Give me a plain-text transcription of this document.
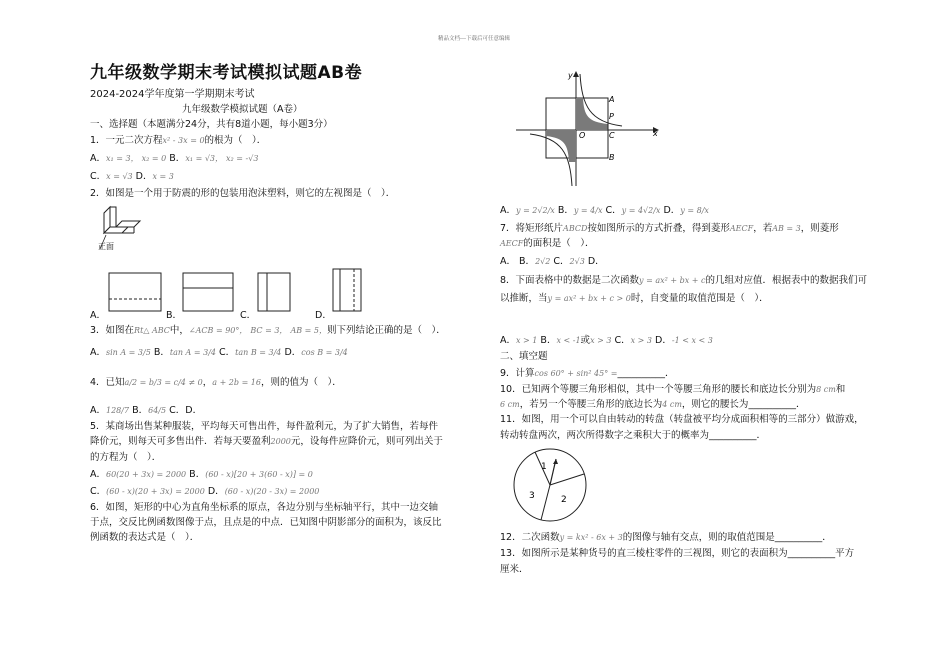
精品文档---下载后可任意编辑
九年级数学期末考试模拟试题AB卷
2024-2024学年度第一学期期末考试
九年级数学模拟试题（A卷）
一、选择题（本题满分24分，共有8道小题，每小题3分）
1．一元二次方程x² - 3x = 0的根为（　）．
A．x₁ = 3， x₂ = 0 B．x₁ = √3， x₂ = -√3
C．x = √3 D．x = 3
2．如图是一个用于防震的形的包装用泡沫塑料，则它的左视图是（　）．
正面
A．	B．	C．	D．
3．如图在Rt△ ABC中，∠ACB = 90°， BC = 3， AB = 5，则下列结论正确的是（　）．
A．sin A = 3/5 B．tan A = 3/4 C．tan B = 3/4 D．cos B = 3/4
4．已知a/2 = b/3 = c/4 ≠ 0，a + 2b = 16，则的值为（　）．
A．128/7 B．64/5 C．D．
5．某商场出售某种服装，平均每天可售出件，每件盈利元，为了扩大销售，若每件
降价元，则每天可多售出件．若每天要盈利2000元，设每件应降价元，则可列出关于
的方程为（　）．
A．60(20 + 3x) = 2000 B．(60 - x)[20 + 3(60 - x)] = 0
C．(60 - x)(20 + 3x) = 2000 D．(60 - x)(20 - 3x) = 2000
6．如图，矩形的中心为直角坐标系的原点，各边分别与坐标轴平行，其中一边交轴
于点，交反比例函数图像于点，且点是的中点．已知图中阴影部分的面积为，该反比
例函数的表达式是（　）．
y
x
A
P
C
B
O
A．y = 2√2/x B．y = 4/x C．y = 4√2/x D．y = 8/x
7．将矩形纸片ABCD按如图所示的方式折叠，得到菱形AECF，若AB = 3，则菱形
AECF的面积是（　）．
A． B．2√2 C．2√3 D．
8．下面表格中的数据是二次函数y = ax² + bx + c的几组对应值．根据表中的数据我们可
以推断，当y = ax² + bx + c > 0时，自变量的取值范围是（　）．
A．x > 1 B．x < -1或x > 3 C．x > 3 D．-1 < x < 3
二、填空题
9．计算cos 60° + sin² 45° =__________．
10．已知两个等腰三角形相似，其中一个等腰三角形的腰长和底边长分别为8 cm和
6 cm，若另一个等腰三角形的底边长为4 cm，则它的腰长为__________．
11．如图，用一个可以自由转动的转盘（转盘被平均分成面积相等的三部分）做游戏，
转动转盘两次，两次所得数字之乘积大于的概率为__________．
1
2
3
12．二次函数y = kx² - 6x + 3的图像与轴有交点，则的取值范围是__________．
13．如图所示是某种货号的直三棱柱零件的三视图，则它的表面积为__________平方
厘米．
